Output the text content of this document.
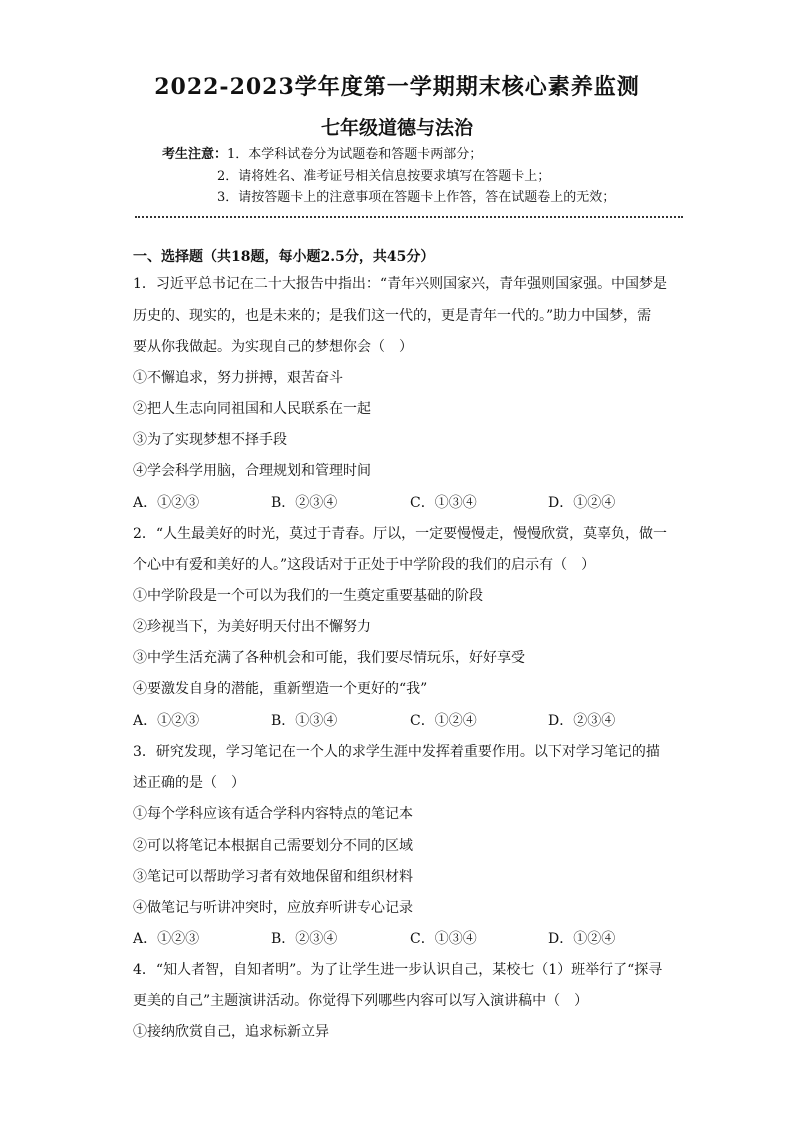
2022-2023学年度第一学期期末核心素养监测
七年级道德与法治
考生注意：1．本学科试卷分为试题卷和答题卡两部分；
2．请将姓名、准考证号相关信息按要求填写在答题卡上；
3．请按答题卡上的注意事项在答题卡上作答，答在试题卷上的无效；
一、选择题（共18题，每小题2.5分，共45分）
1．习近平总书记在二十大报告中指出：“青年兴则国家兴，青年强则国家强。中国梦是
历史的、现实的，也是未来的；是我们这一代的，更是青年一代的。”助力中国梦，需
要从你我做起。为实现自己的梦想你会（　）
①不懈追求，努力拼搏，艰苦奋斗
②把人生志向同祖国和人民联系在一起
③为了实现梦想不择手段
④学会科学用脑，合理规划和管理时间
A．①②③	B．②③④	C．①③④	D．①②④
2．“人生最美好的时光，莫过于青春。厅以，一定要慢慢走，慢慢欣赏，莫辜负，做一
个心中有爱和美好的人。”这段话对于正处于中学阶段的我们的启示有（　）
①中学阶段是一个可以为我们的一生奠定重要基础的阶段
②珍视当下，为美好明天付出不懈努力
③中学生活充满了各种机会和可能，我们要尽情玩乐，好好享受
④要激发自身的潜能，重新塑造一个更好的“我”
A．①②③	B．①③④	C．①②④	D．②③④
3．研究发现，学习笔记在一个人的求学生涯中发挥着重要作用。以下对学习笔记的描
述正确的是（　）
①每个学科应该有适合学科内容特点的笔记本
②可以将笔记本根据自己需要划分不同的区域
③笔记可以帮助学习者有效地保留和组织材料
④做笔记与听讲冲突时，应放弃听讲专心记录
A．①②③	B．②③④	C．①③④	D．①②④
4．“知人者智，自知者明”。为了让学生进一步认识自己，某校七（1）班举行了“探寻
更美的自己”主题演讲活动。你觉得下列哪些内容可以写入演讲稿中（　）
①接纳欣赏自己，追求标新立异
